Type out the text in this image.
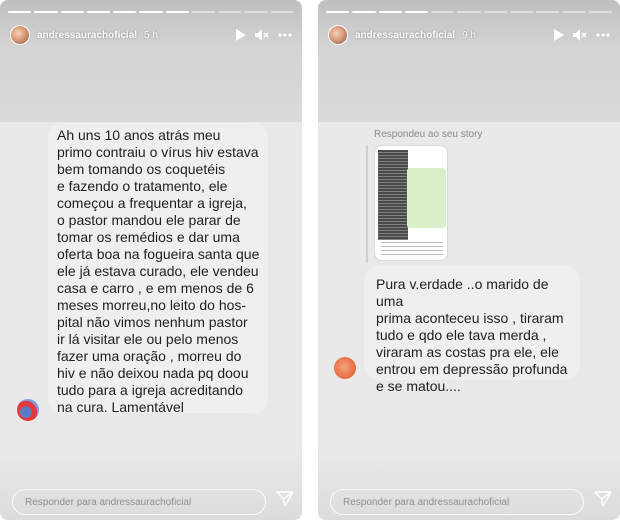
andressaurachoficial 5 h
Ah uns 10 anos atrás meu
primo contraiu o vírus hiv estava
bem tomando os coquetéis
e fazendo o tratamento, ele
começou a frequentar a igreja,
o pastor mandou ele parar de
tomar os remédios e dar uma
oferta boa na fogueira santa que
ele já estava curado, ele vendeu
casa e carro , e em menos de 6
meses morreu,no leito do hos-
pital não vimos nenhum pastor
ir lá visitar ele ou pelo menos
fazer uma oração , morreu do
hiv e não deixou nada pq doou
tudo para a igreja acreditando
na cura. Lamentável
Responder para andressaurachoficial
andressaurachoficial 9 h
Respondeu ao seu story
Pura v.erdade ..o marido de uma
prima aconteceu isso , tiraram
tudo e qdo ele tava merda ,
viraram as costas pra ele, ele
entrou em depressão profunda
e se matou....
Responder para andressaurachoficial
